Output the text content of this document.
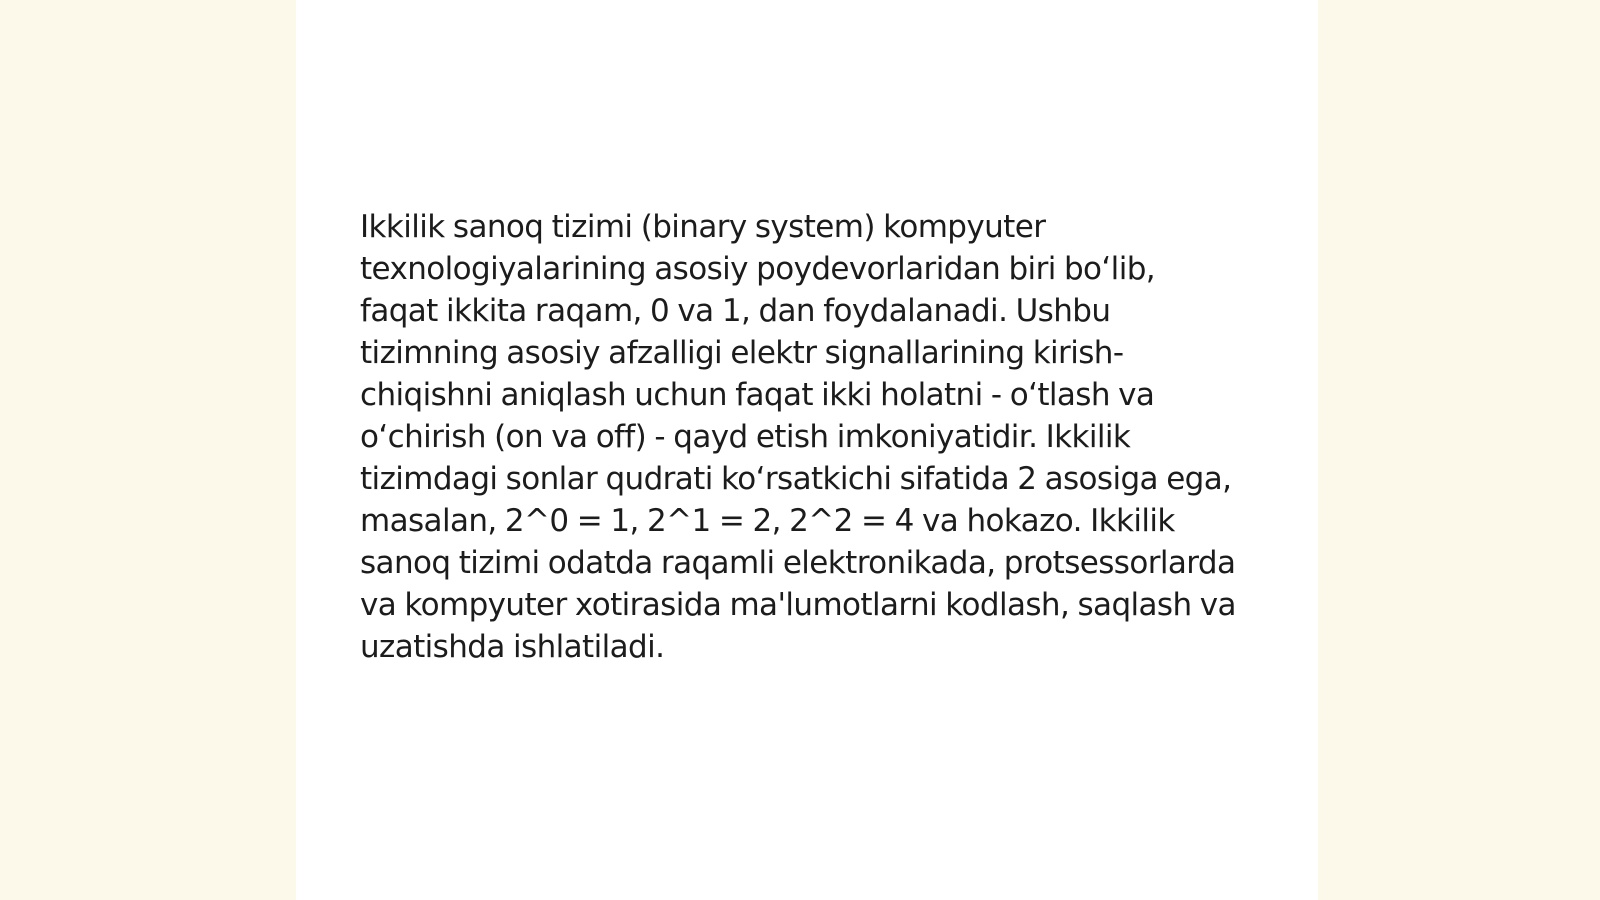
Ikkilik sanoq tizimi (binary system) kompyuter texnologiyalarining asosiy poydevorlaridan biri bo‘lib, faqat ikkita raqam, 0 va 1, dan foydalanadi. Ushbu tizimning asosiy afzalligi elektr signallarining kirish-chiqishni aniqlash uchun faqat ikki holatni - o‘tlash va o‘chirish (on va off) - qayd etish imkoniyatidir. Ikkilik tizimdagi sonlar qudrati ko‘rsatkichi sifatida 2 asosiga ega, masalan, 2^0 = 1, 2^1 = 2, 2^2 = 4 va hokazo. Ikkilik sanoq tizimi odatda raqamli elektronikada, protsessorlarda va kompyuter xotirasida ma'lumotlarni kodlash, saqlash va uzatishda ishlatiladi.
